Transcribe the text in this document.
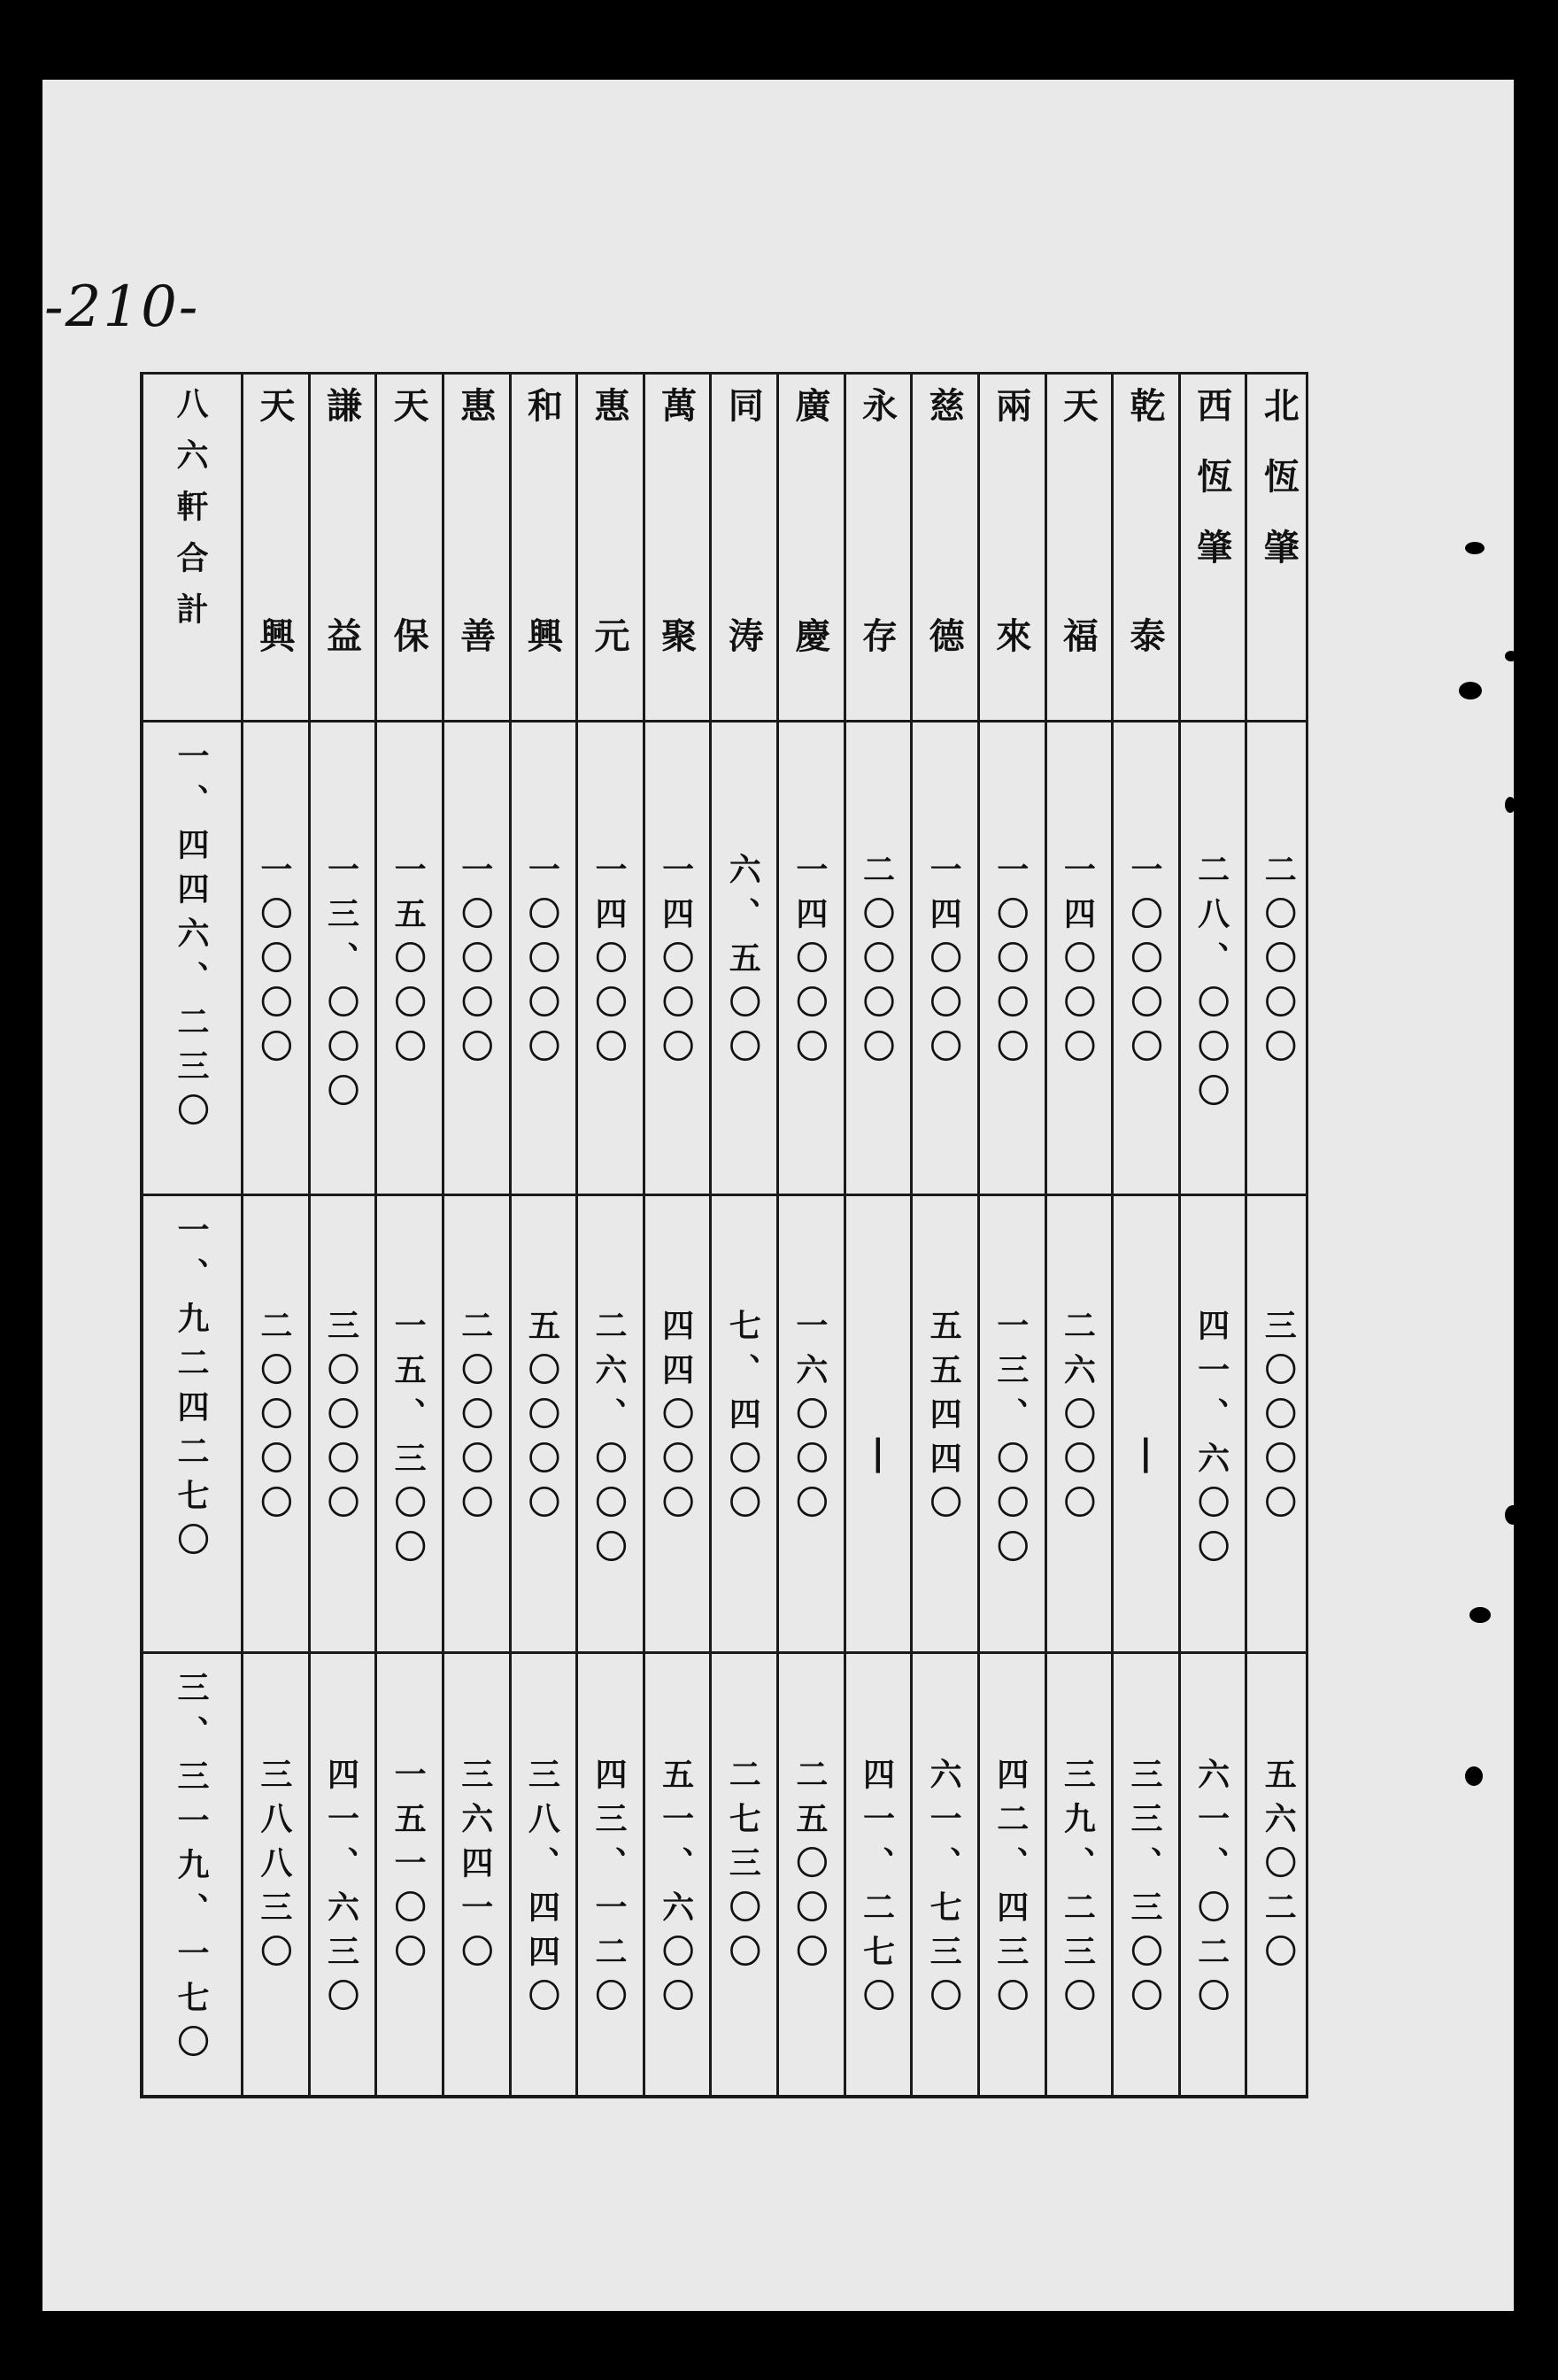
-210-
八六軒合計
一、四四六、二三〇
一、九二四二七〇
三、三一九、一七〇
天興
一〇〇〇〇
二〇〇〇〇
三八八三〇
謙益
一三、〇〇〇
三〇〇〇〇
四一、六三〇
天保
一五〇〇〇
一五、三〇〇
一五一〇〇
惠善
一〇〇〇〇
二〇〇〇〇
三六四一〇
和興
一〇〇〇〇
五〇〇〇〇
三八、四四〇
惠元
一四〇〇〇
二六、〇〇〇
四三、一二〇
萬聚
一四〇〇〇
四四〇〇〇
五一、六〇〇
同涛
六、五〇〇
七、四〇〇
二七三〇〇
廣慶
一四〇〇〇
一六〇〇〇
二五〇〇〇
永存
二〇〇〇〇
|
四一、二七〇
慈德
一四〇〇〇
五五四四〇
六一、七三〇
兩來
一〇〇〇〇
一三、〇〇〇
四二、四三〇
天福
一四〇〇〇
二六〇〇〇
三九、二三〇
乾泰
一〇〇〇〇
|
三三、三〇〇
西恆肇
二八、〇〇〇
四一、六〇〇
六一、〇二〇
北恆肇
二〇〇〇〇
三〇〇〇〇
五六〇二〇
